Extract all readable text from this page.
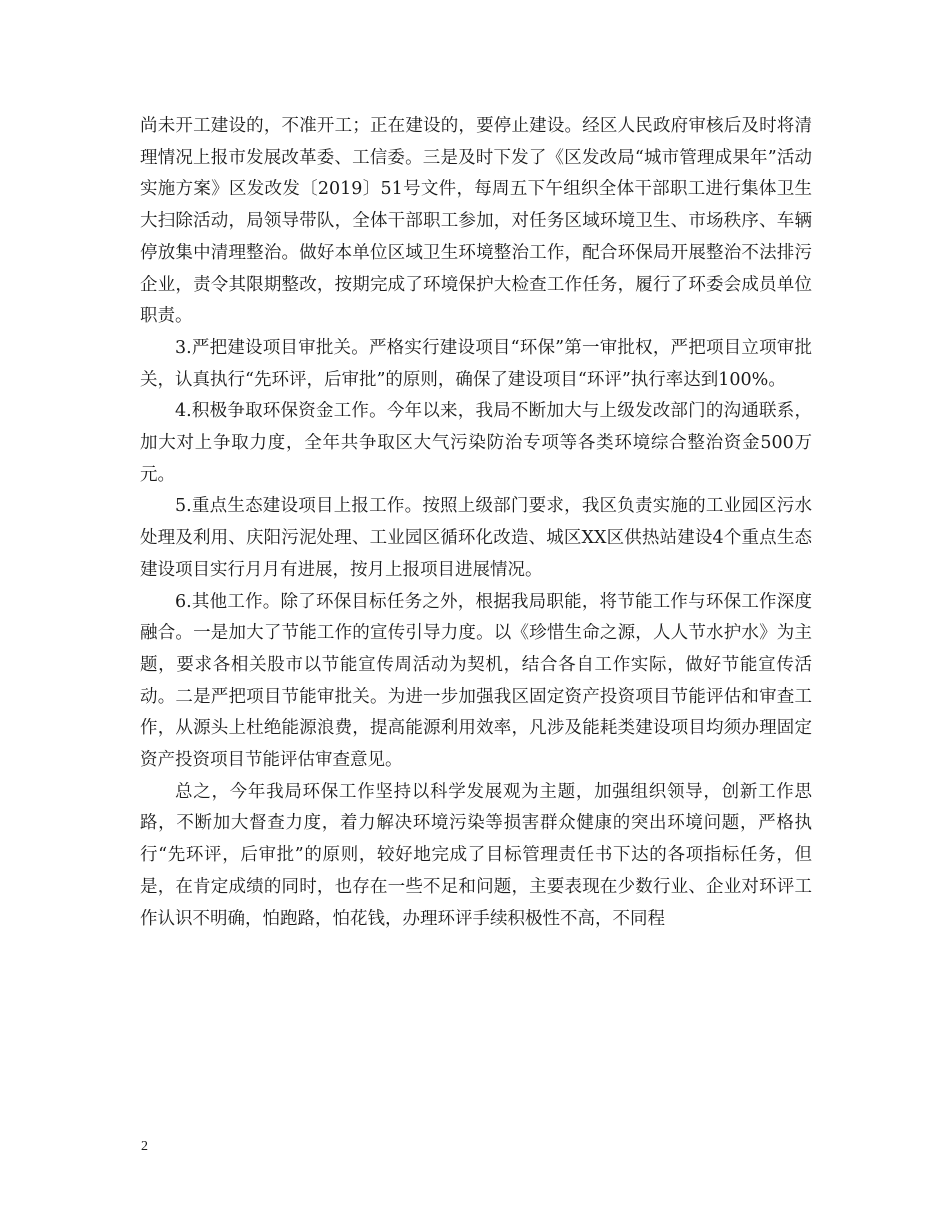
尚未开工建设的，不准开工；正在建设的，要停止建设。经区人民政府审核后及时将清理情况上报市发展改革委、工信委。三是及时下发了《区发改局“城市管理成果年”活动实施方案》区发改发〔2019〕51号文件，每周五下午组织全体干部职工进行集体卫生大扫除活动，局领导带队，全体干部职工参加，对任务区域环境卫生、市场秩序、车辆停放集中清理整治。做好本单位区域卫生环境整治工作，配合环保局开展整治不法排污企业，责令其限期整改，按期完成了环境保护大检查工作任务，履行了环委会成员单位职责。

3.严把建设项目审批关。严格实行建设项目“环保”第一审批权，严把项目立项审批关，认真执行“先环评，后审批”的原则，确保了建设项目“环评”执行率达到100%。

4.积极争取环保资金工作。今年以来，我局不断加大与上级发改部门的沟通联系，加大对上争取力度，全年共争取区大气污染防治专项等各类环境综合整治资金500万元。

5.重点生态建设项目上报工作。按照上级部门要求，我区负责实施的工业园区污水处理及利用、庆阳污泥处理、工业园区循环化改造、城区XX区供热站建设4个重点生态建设项目实行月月有进展，按月上报项目进展情况。

6.其他工作。除了环保目标任务之外，根据我局职能，将节能工作与环保工作深度融合。一是加大了节能工作的宣传引导力度。以《珍惜生命之源，人人节水护水》为主题，要求各相关股市以节能宣传周活动为契机，结合各自工作实际，做好节能宣传活动。二是严把项目节能审批关。为进一步加强我区固定资产投资项目节能评估和审查工作，从源头上杜绝能源浪费，提高能源利用效率，凡涉及能耗类建设项目均须办理固定资产投资项目节能评估审查意见。

总之，今年我局环保工作坚持以科学发展观为主题，加强组织领导，创新工作思路，不断加大督查力度，着力解决环境污染等损害群众健康的突出环境问题，严格执行“先环评，后审批”的原则，较好地完成了目标管理责任书下达的各项指标任务，但是，在肯定成绩的同时，也存在一些不足和问题，主要表现在少数行业、企业对环评工作认识不明确，怕跑路，怕花钱，办理环评手续积极性不高，不同程

2
